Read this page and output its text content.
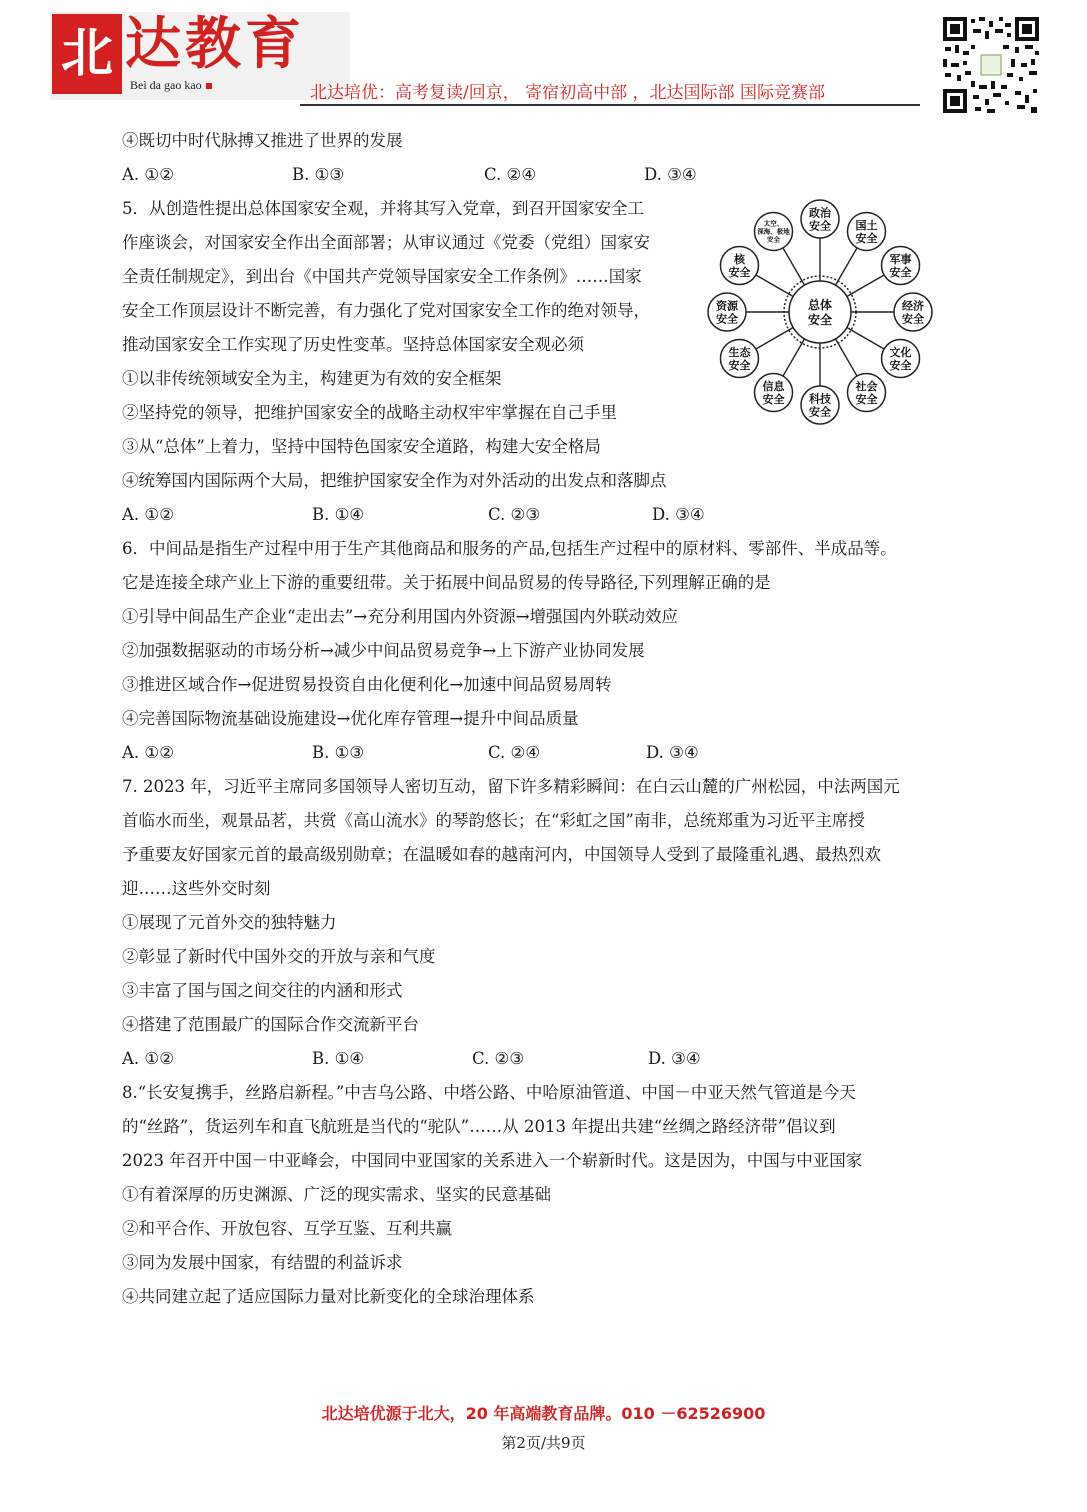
北 达教育
Beì da gao kao	北达培优：高考复读/回京， 寄宿初高中部 ，北达国际部 国际竞赛部
④既切中时代脉搏又推进了世界的发展
A. ①②	B. ①③	C. ②④	D. ③④
5．从创造性提出总体国家安全观，并将其写入党章，到召开国家安全工
作座谈会，对国家安全作出全面部署；从审议通过《党委（党组）国家安
全责任制规定》，到出台《中国共产党领导国家安全工作条例》……国家
安全工作顶层设计不断完善，有力强化了党对国家安全工作的绝对领导，
推动国家安全工作实现了历史性变革。坚持总体国家安全观必须
①以非传统领域安全为主，构建更为有效的安全框架
②坚持党的领导，把维护国家安全的战略主动权牢牢掌握在自己手里
③从“总体”上着力，坚持中国特色国家安全道路，构建大安全格局
④统筹国内国际两个大局，把维护国家安全作为对外活动的出发点和落脚点
A. ①②	B. ①④	C. ②③	D. ③④
6．中间品是指生产过程中用于生产其他商品和服务的产品,包括生产过程中的原材料、零部件、半成品等。
它是连接全球产业上下游的重要纽带。关于拓展中间品贸易的传导路径,下列理解正确的是
①引导中间品生产企业“走出去”→充分利用国内外资源→增强国内外联动效应
②加强数据驱动的市场分析→减少中间品贸易竞争→上下游产业协同发展
③推进区域合作→促进贸易投资自由化便利化→加速中间品贸易周转
④完善国际物流基础设施建设→优化库存管理→提升中间品质量
A. ①②	B. ①③	C. ②④	D. ③④
7. 2023 年，习近平主席同多国领导人密切互动，留下许多精彩瞬间：在白云山麓的广州松园，中法两国元
首临水而坐，观景品茗，共赏《高山流水》的琴韵悠长；在“彩虹之国”南非，总统郑重为习近平主席授
予重要友好国家元首的最高级别勋章；在温暖如春的越南河内，中国领导人受到了最隆重礼遇、最热烈欢
迎……这些外交时刻
①展现了元首外交的独特魅力
②彰显了新时代中国外交的开放与亲和气度
③丰富了国与国之间交往的内涵和形式
④搭建了范围最广的国际合作交流新平台
A. ①②	B. ①④	C. ②③	D. ③④
8.“长安复携手，丝路启新程。”中吉乌公路、中塔公路、中哈原油管道、中国－中亚天然气管道是今天
的“丝路”，货运列车和直飞航班是当代的“驼队”……从 2013 年提出共建“丝绸之路经济带”倡议到
2023 年召开中国－中亚峰会，中国同中亚国家的关系进入一个崭新时代。这是因为，中国与中亚国家
①有着深厚的历史渊源、广泛的现实需求、坚实的民意基础
②和平合作、开放包容、互学互鉴、互利共赢
③同为发展中国家，有结盟的利益诉求
④共同建立起了适应国际力量对比新变化的全球治理体系
总体
安全
政治
安全 国土
安全
军事
安全
经济
安全
文化
安全
社会
安全
科技
安全
信息
安全
生态
安全
资源
安全
核
安全
太空、
深海、极地
安全
北达培优源于北大，20 年高端教育品牌。010 －62526900
第2页/共9页
